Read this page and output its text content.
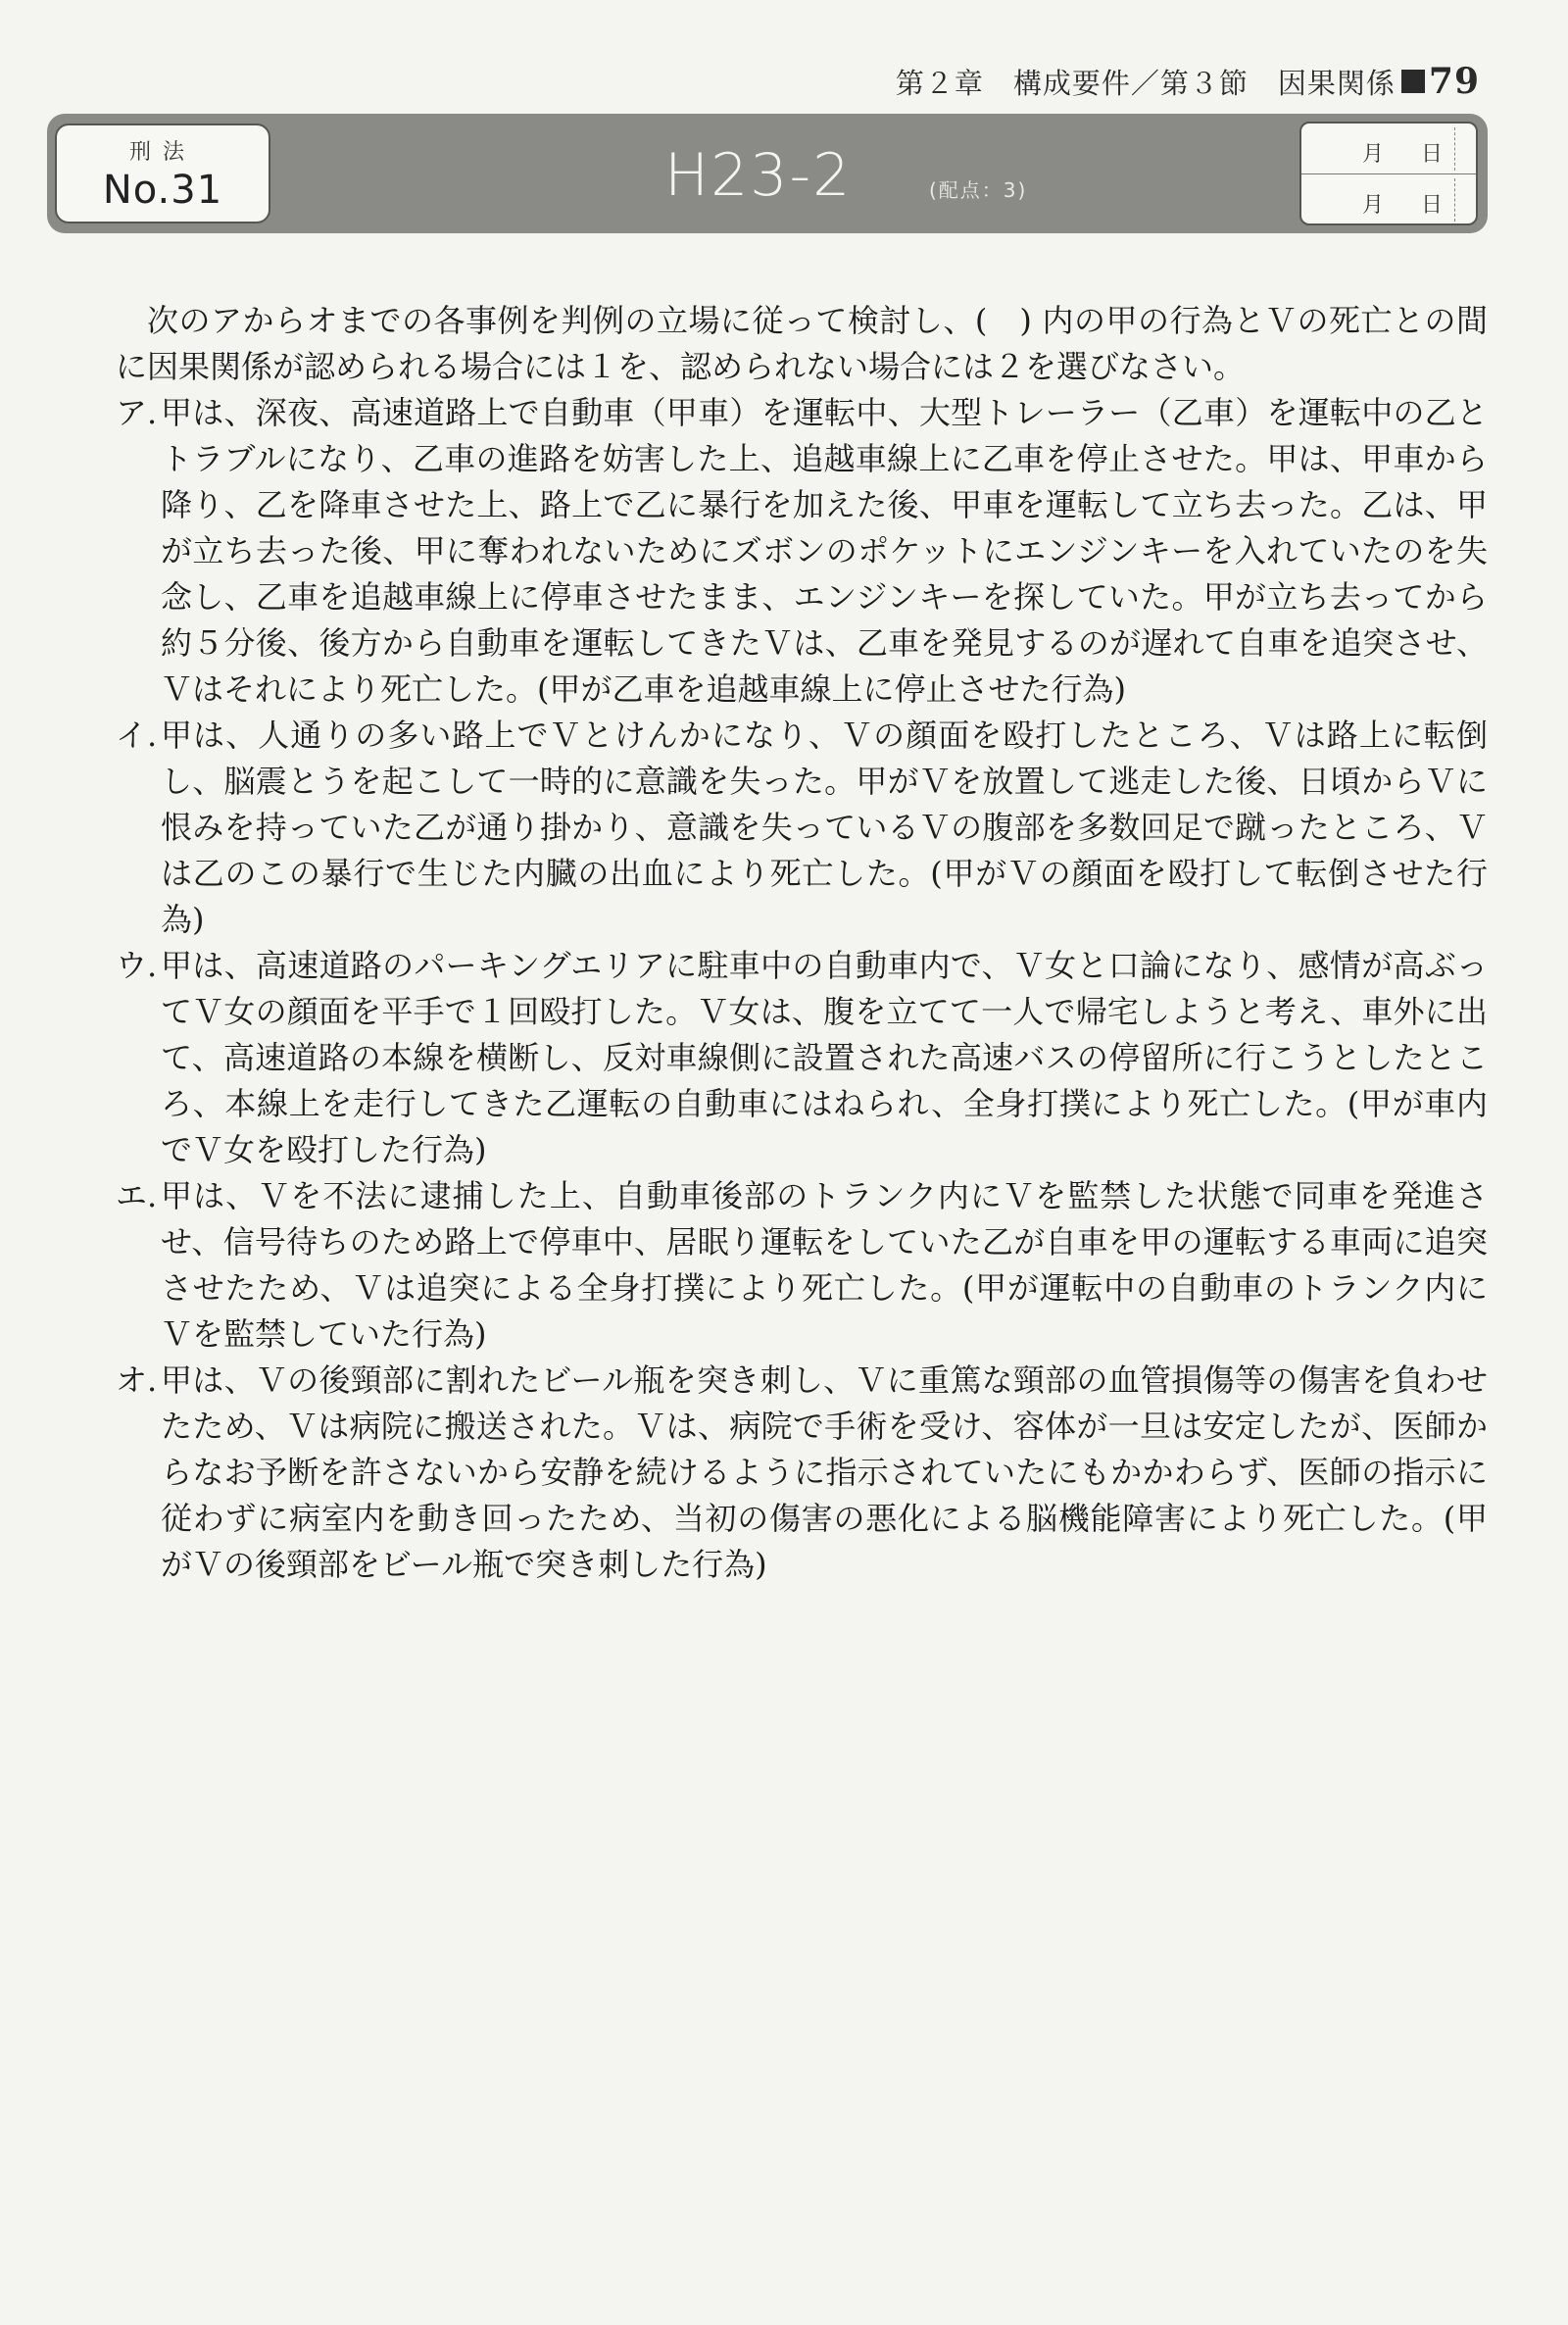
第２章　構成要件／第３節　因果関係 79
刑法
No.31	H23-2	(配点：3)
月 日
月 日

次のアからオまでの各事例を判例の立場に従って検討し、(　) 内の甲の行為とＶの死亡との間に因果関係が認められる場合には１を、認められない場合には２を選びなさい。

ア. 甲は、深夜、高速道路上で自動車（甲車）を運転中、大型トレーラー（乙車）を運転中の乙とトラブルになり、乙車の進路を妨害した上、追越車線上に乙車を停止させた。甲は、甲車から降り、乙を降車させた上、路上で乙に暴行を加えた後、甲車を運転して立ち去った。乙は、甲が立ち去った後、甲に奪われないためにズボンのポケットにエンジンキーを入れていたのを失念し、乙車を追越車線上に停車させたまま、エンジンキーを探していた。甲が立ち去ってから約５分後、後方から自動車を運転してきたＶは、乙車を発見するのが遅れて自車を追突させ、Ｖはそれにより死亡した。(甲が乙車を追越車線上に停止させた行為)

イ. 甲は、人通りの多い路上でＶとけんかになり、Ｖの顔面を殴打したところ、Ｖは路上に転倒し、脳震とうを起こして一時的に意識を失った。甲がＶを放置して逃走した後、日頃からＶに恨みを持っていた乙が通り掛かり、意識を失っているＶの腹部を多数回足で蹴ったところ、Ｖは乙のこの暴行で生じた内臓の出血により死亡した。(甲がＶの顔面を殴打して転倒させた行為)

ウ. 甲は、高速道路のパーキングエリアに駐車中の自動車内で、Ｖ女と口論になり、感情が高ぶってＶ女の顔面を平手で１回殴打した。Ｖ女は、腹を立てて一人で帰宅しようと考え、車外に出て、高速道路の本線を横断し、反対車線側に設置された高速バスの停留所に行こうとしたところ、本線上を走行してきた乙運転の自動車にはねられ、全身打撲により死亡した。(甲が車内でＶ女を殴打した行為)

エ. 甲は、Ｖを不法に逮捕した上、自動車後部のトランク内にＶを監禁した状態で同車を発進させ、信号待ちのため路上で停車中、居眠り運転をしていた乙が自車を甲の運転する車両に追突させたため、Ｖは追突による全身打撲により死亡した。(甲が運転中の自動車のトランク内にＶを監禁していた行為)

オ. 甲は、Ｖの後頸部に割れたビール瓶を突き刺し、Ｖに重篤な頸部の血管損傷等の傷害を負わせたため、Ｖは病院に搬送された。Ｖは、病院で手術を受け、容体が一旦は安定したが、医師からなお予断を許さないから安静を続けるように指示されていたにもかかわらず、医師の指示に従わずに病室内を動き回ったため、当初の傷害の悪化による脳機能障害により死亡した。(甲がＶの後頸部をビール瓶で突き刺した行為)
